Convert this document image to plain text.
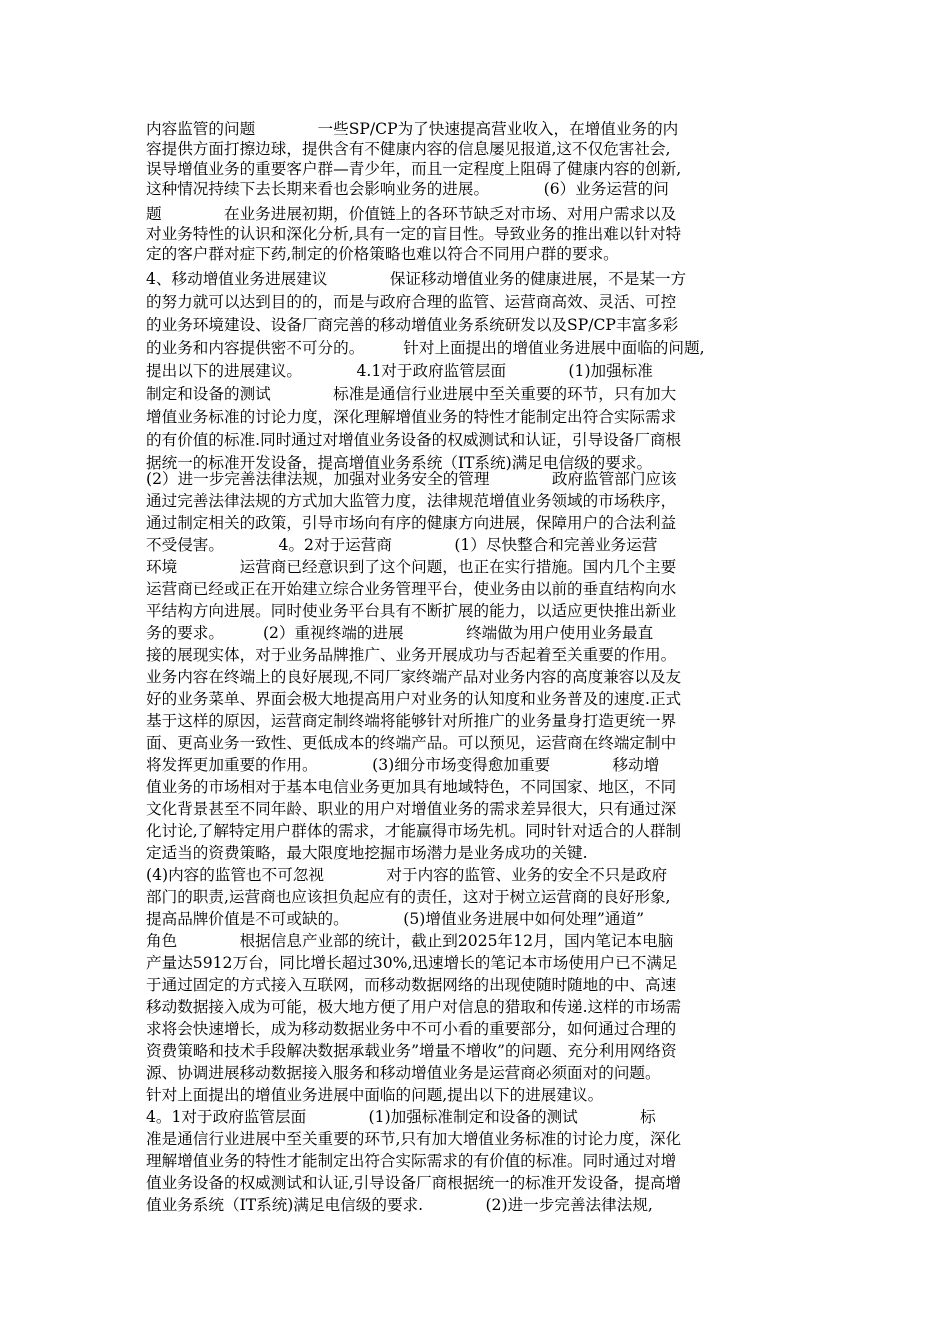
内容监管的问题　　　　一些SP/CP为了快速提高营业收入，在增值业务的内
容提供方面打擦边球，提供含有不健康内容的信息屡见报道,这不仅危害社会,
误导增值业务的重要客户群—青少年，而且一定程度上阻碍了健康内容的创新,
这种情况持续下去长期来看也会影响业务的进展。　　　　(6）业务运营的问
题　　　　在业务进展初期，价值链上的各环节缺乏对市场、对用户需求以及
对业务特性的认识和深化分析,具有一定的盲目性。导致业务的推出难以针对特
定的客户群对症下药,制定的价格策略也难以符合不同用户群的要求。
4、移动增值业务进展建议　　　　保证移动增值业务的健康进展，不是某一方
的努力就可以达到目的的，而是与政府合理的监管、运营商高效、灵活、可控
的业务环境建设、设备厂商完善的移动增值业务系统研发以及SP/CP丰富多彩
的业务和内容提供密不可分的。　　　针对上面提出的增值业务进展中面临的问题,
提出以下的进展建议。　　　　4.1对于政府监管层面　　　　(1)加强标准
制定和设备的测试　　　　标准是通信行业进展中至关重要的环节，只有加大
增值业务标准的讨论力度，深化理解增值业务的特性才能制定出符合实际需求
的有价值的标准.同时通过对增值业务设备的权威测试和认证，引导设备厂商根
据统一的标准开发设备，提高增值业务系统（IT系统)满足电信级的要求。
(2）进一步完善法律法规，加强对业务安全的管理　　　　政府监管部门应该
通过完善法律法规的方式加大监管力度，法律规范增值业务领域的市场秩序，
通过制定相关的政策，引导市场向有序的健康方向进展，保障用户的合法利益
不受侵害。　　　　4。2对于运营商　　　　(1）尽快整合和完善业务运营
环境　　　　运营商已经意识到了这个问题，也正在实行措施。国内几个主要
运营商已经或正在开始建立综合业务管理平台，使业务由以前的垂直结构向水
平结构方向进展。同时使业务平台具有不断扩展的能力，以适应更快推出新业
务的要求。　　　(2）重视终端的进展　　　　终端做为用户使用业务最直
接的展现实体，对于业务品牌推广、业务开展成功与否起着至关重要的作用。
业务内容在终端上的良好展现,不同厂家终端产品对业务内容的高度兼容以及友
好的业务菜单、界面会极大地提高用户对业务的认知度和业务普及的速度.正式
基于这样的原因，运营商定制终端将能够针对所推广的业务量身打造更统一界
面、更高业务一致性、更低成本的终端产品。可以预见，运营商在终端定制中
将发挥更加重要的作用。　　　　(3)细分市场变得愈加重要　　　　移动增
值业务的市场相对于基本电信业务更加具有地域特色，不同国家、地区，不同
文化背景甚至不同年龄、职业的用户对增值业务的需求差异很大，只有通过深
化讨论,了解特定用户群体的需求，才能赢得市场先机。同时针对适合的人群制
定适当的资费策略，最大限度地挖掘市场潜力是业务成功的关键.
(4)内容的监管也不可忽视　　　　对于内容的监管、业务的安全不只是政府
部门的职责,运营商也应该担负起应有的责任，这对于树立运营商的良好形象,
提高品牌价值是不可或缺的。　　　　(5)增值业务进展中如何处理”通道”
角色　　　　根据信息产业部的统计，截止到2025年12月，国内笔记本电脑
产量达5912万台，同比增长超过30%,迅速增长的笔记本市场使用户已不满足
于通过固定的方式接入互联网，而移动数据网络的出现使随时随地的中、高速
移动数据接入成为可能，极大地方便了用户对信息的猎取和传递.这样的市场需
求将会快速增长，成为移动数据业务中不可小看的重要部分，如何通过合理的
资费策略和技术手段解决数据承载业务”增量不增收”的问题、充分利用网络资
源、协调进展移动数据接入服务和移动增值业务是运营商必须面对的问题。
针对上面提出的增值业务进展中面临的问题,提出以下的进展建议。
4。1对于政府监管层面　　　　(1)加强标准制定和设备的测试　　　　标
准是通信行业进展中至关重要的环节,只有加大增值业务标准的讨论力度，深化
理解增值业务的特性才能制定出符合实际需求的有价值的标准。同时通过对增
值业务设备的权威测试和认证,引导设备厂商根据统一的标准开发设备，提高增
值业务系统（IT系统)满足电信级的要求.　　　　(2)进一步完善法律法规,
